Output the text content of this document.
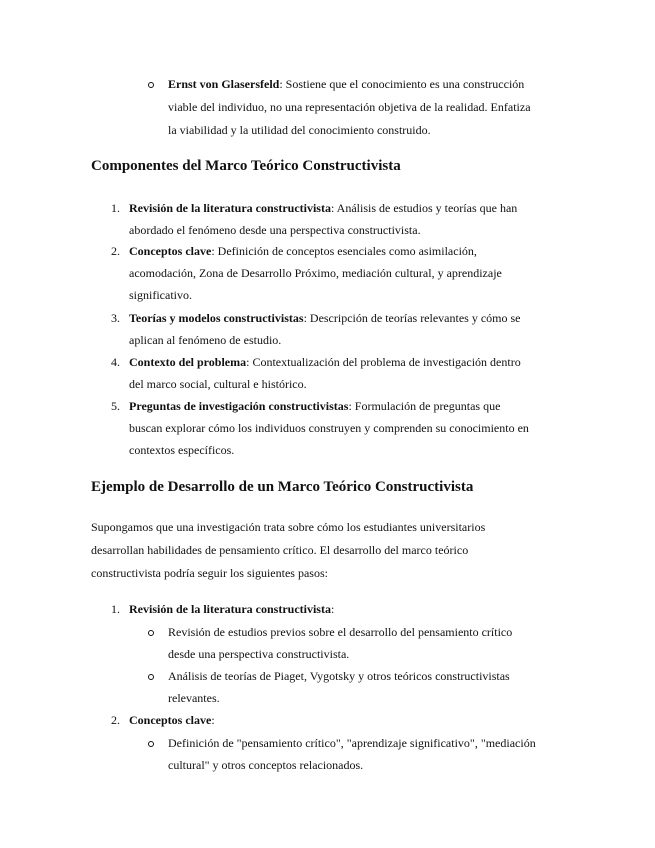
Ernst von Glasersfeld: Sostiene que el conocimiento es una construcción
viable del individuo, no una representación objetiva de la realidad. Enfatiza
la viabilidad y la utilidad del conocimiento construido.
Componentes del Marco Teórico Constructivista
1. Revisión de la literatura constructivista: Análisis de estudios y teorías que han
abordado el fenómeno desde una perspectiva constructivista.
2. Conceptos clave: Definición de conceptos esenciales como asimilación,
acomodación, Zona de Desarrollo Próximo, mediación cultural, y aprendizaje
significativo.
3. Teorías y modelos constructivistas: Descripción de teorías relevantes y cómo se
aplican al fenómeno de estudio.
4. Contexto del problema: Contextualización del problema de investigación dentro
del marco social, cultural e histórico.
5. Preguntas de investigación constructivistas: Formulación de preguntas que
buscan explorar cómo los individuos construyen y comprenden su conocimiento en
contextos específicos.
Ejemplo de Desarrollo de un Marco Teórico Constructivista
Supongamos que una investigación trata sobre cómo los estudiantes universitarios
desarrollan habilidades de pensamiento crítico. El desarrollo del marco teórico
constructivista podría seguir los siguientes pasos:
1. Revisión de la literatura constructivista:
Revisión de estudios previos sobre el desarrollo del pensamiento crítico
desde una perspectiva constructivista.
Análisis de teorías de Piaget, Vygotsky y otros teóricos constructivistas
relevantes.
2. Conceptos clave:
Definición de "pensamiento crítico", "aprendizaje significativo", "mediación
cultural" y otros conceptos relacionados.
